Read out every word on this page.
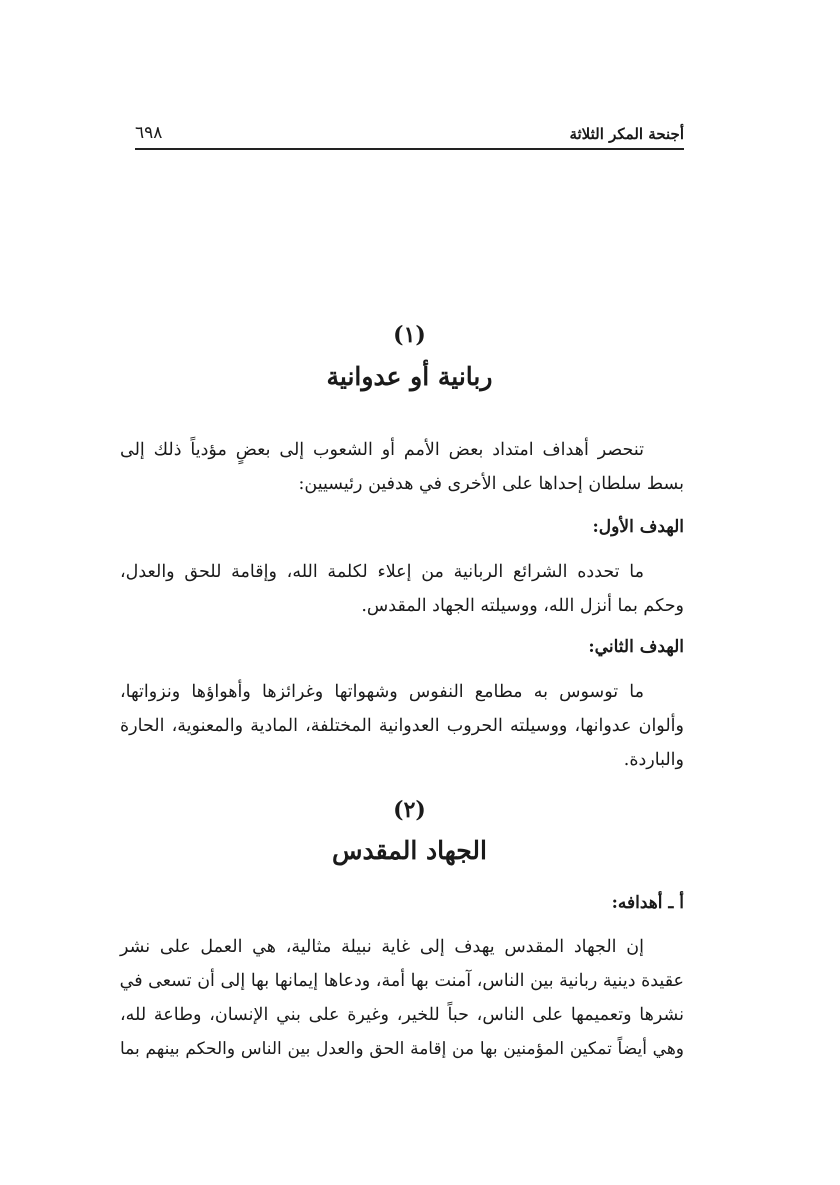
أجنحة المكر الثلاثة
٦٩٨
(١)
ربانية أو عدوانية
تنحصر أهداف امتداد بعض الأمم أو الشعوب إلى بعضٍ مؤدياً ذلك إلى
بسط سلطان إحداها على الأخرى في هدفين رئيسيين:
الهدف الأول:
ما تحدده الشرائع الربانية من إعلاء لكلمة الله، وإقامة للحق والعدل،
وحكم بما أنزل الله، ووسيلته الجهاد المقدس.
الهدف الثاني:
ما توسوس به مطامع النفوس وشهواتها وغرائزها وأهواؤها ونزواتها،
وألوان عدوانها، ووسيلته الحروب العدوانية المختلفة، المادية والمعنوية، الحارة
والباردة.
(٢)
الجهاد المقدس
أ ـ أهدافه:
إن الجهاد المقدس يهدف إلى غاية نبيلة مثالية، هي العمل على نشر
عقيدة دينية ربانية بين الناس، آمنت بها أمة، ودعاها إيمانها بها إلى أن تسعى في
نشرها وتعميمها على الناس، حباً للخير، وغيرة على بني الإنسان، وطاعة لله،
وهي أيضاً تمكين المؤمنين بها من إقامة الحق والعدل بين الناس والحكم بينهم بما
